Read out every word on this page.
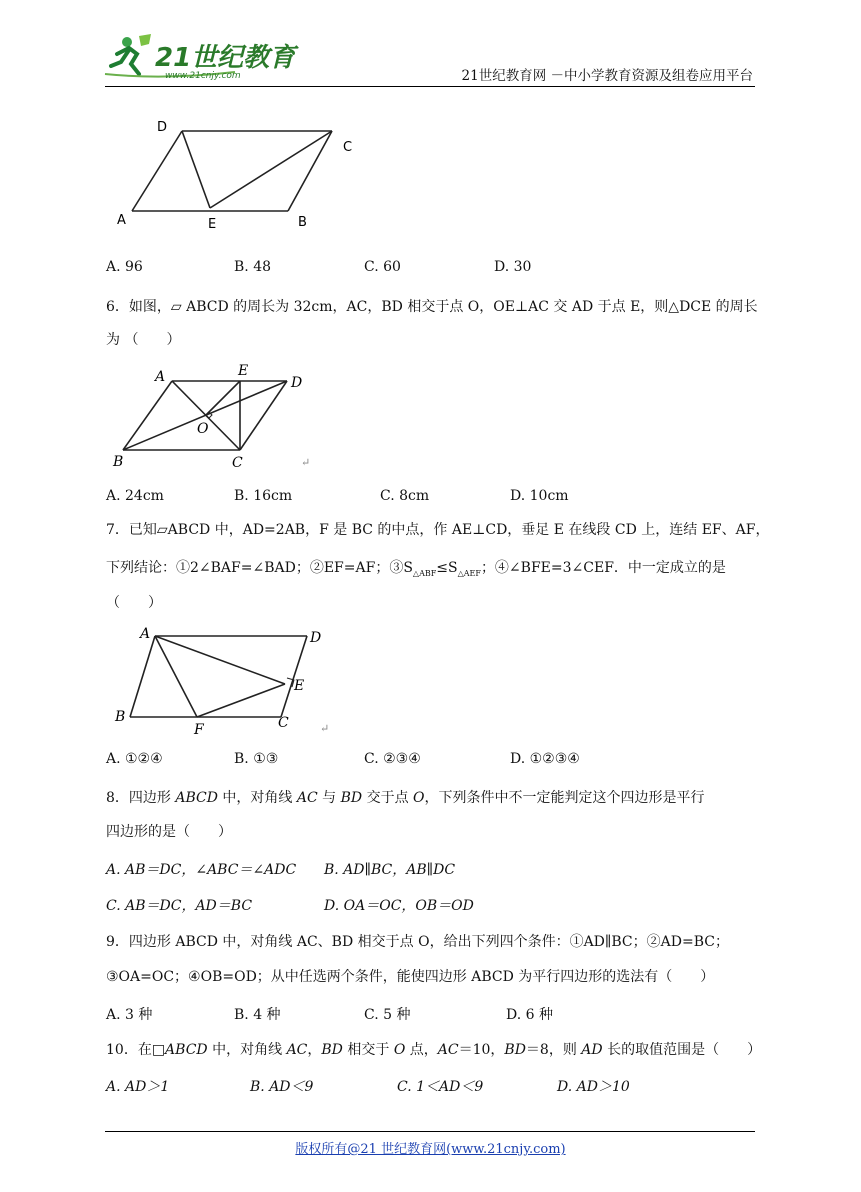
21世纪教育
www.21cnjy.com	21世纪教育网 －中小学教育资源及组卷应用平台
D
C
A	E	B
A. 96	B. 48	C. 60	D. 30
6．如图，▱ ABCD 的周长为 32cm，AC，BD 相交于点 O，OE⊥AC 交 AD 于点 E，则△DCE 的周长
为 （　　）
A	E
D
O
B	C	↵
A. 24cm	B. 16cm	C. 8cm	D. 10cm
7．已知▱ABCD 中，AD=2AB，F 是 BC 的中点，作 AE⊥CD，垂足 E 在线段 CD 上，连结 EF、AF，
下列结论：①2∠BAF=∠BAD；②EF=AF；$③S_{\triangle ABF}\le S_{\triangle AEF}$；④∠BFE=3∠CEF．中一定成立的是
（　　）
A	D
E
B
F	C	↵
A. ①②④	B. ①③	C. ②③④	D. ①②③④
8．四边形 ABCD 中，对角线 AC 与 BD 交于点 O，下列条件中不一定能判定这个四边形是平行
四边形的是（　　）
A. AB＝DC，∠ABC＝∠ADC B. AD∥BC，AB∥DC
C. AB＝DC，AD＝BC	D. OA＝OC，OB＝OD
9．四边形 ABCD 中，对角线 AC、BD 相交于点 O，给出下列四个条件：①AD∥BC；②AD=BC；
③OA=OC；④OB=OD；从中任选两个条件，能使四边形 ABCD 为平行四边形的选法有（　　）
A. 3 种	B. 4 种	C. 5 种	D. 6 种
10．在□ABCD 中，对角线 AC，BD 相交于 O 点，AC＝10，BD＝8，则 AD 长的取值范围是（　　）
A. AD＞1	B. AD＜9	C. 1＜AD＜9	D. AD＞10
版权所有@21 世纪教育网(www.21cnjy.com)
